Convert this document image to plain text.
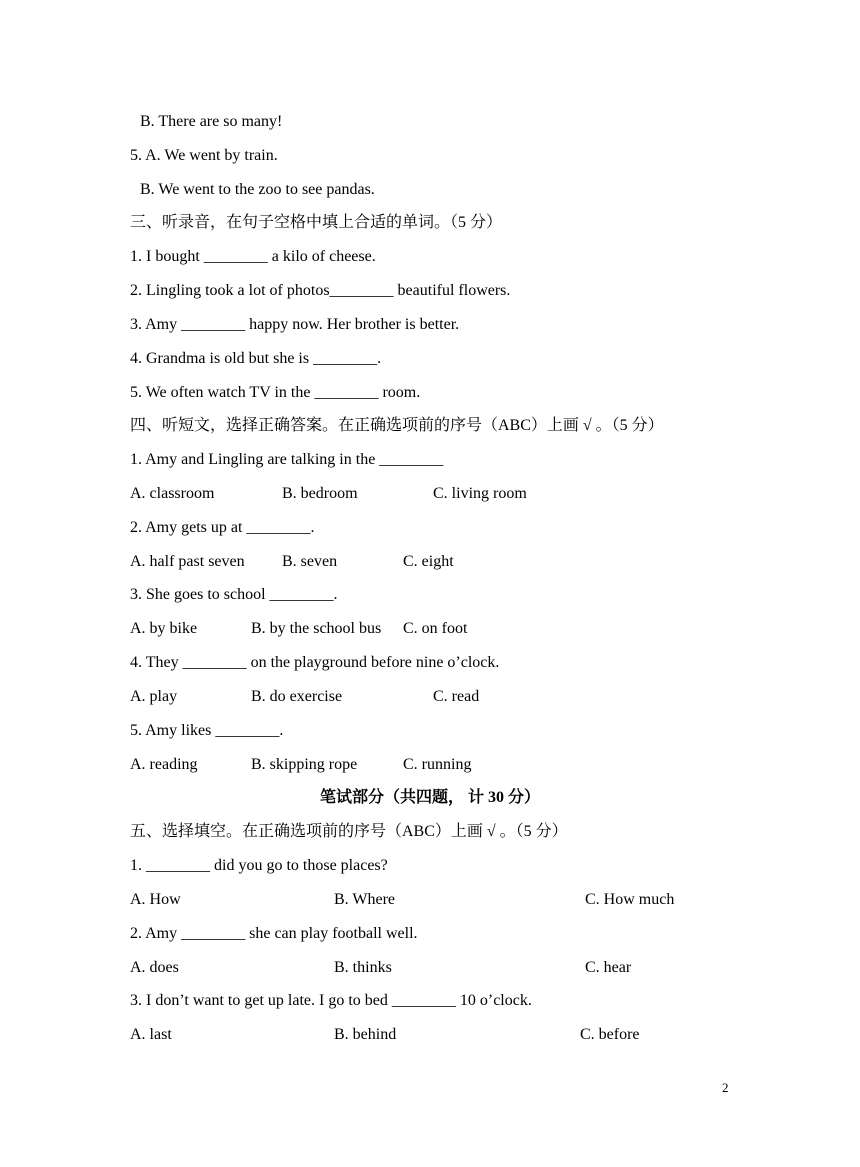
B. There are so many!
5. A. We went by train.
B. We went to the zoo to see pandas.
三、听录音，在句子空格中填上合适的单词。（5 分）
1. I bought ________ a kilo of cheese.
2. Lingling took a lot of photos________ beautiful flowers.
3. Amy ________ happy now. Her brother is better.
4. Grandma is old but she is ________.
5. We often watch TV in the ________ room.
四、听短文，选择正确答案。在正确选项前的序号（ABC）上画 √ 。（5 分）
1. Amy and Lingling are talking in the ________
A. classroom	B. bedroom	C. living room
2. Amy gets up at ________.
A. half past seven B. seven	C. eight
3. She goes to school ________.
A. by bike	B. by the school bus C. on foot
4. They ________ on the playground before nine o’clock.
A. play	B. do exercise	C. read
5. Amy likes ________.
A. reading	B. skipping rope	C. running
笔试部分（共四题， 计 30 分）
五、选择填空。在正确选项前的序号（ABC）上画 √ 。（5 分）
1. ________ did you go to those places?
A. How	B. Where	C. How much
2. Amy ________ she can play football well.
A. does	B. thinks	C. hear
3. I don’t want to get up late. I go to bed ________ 10 o’clock.
A. last	B. behind	C. before
2
